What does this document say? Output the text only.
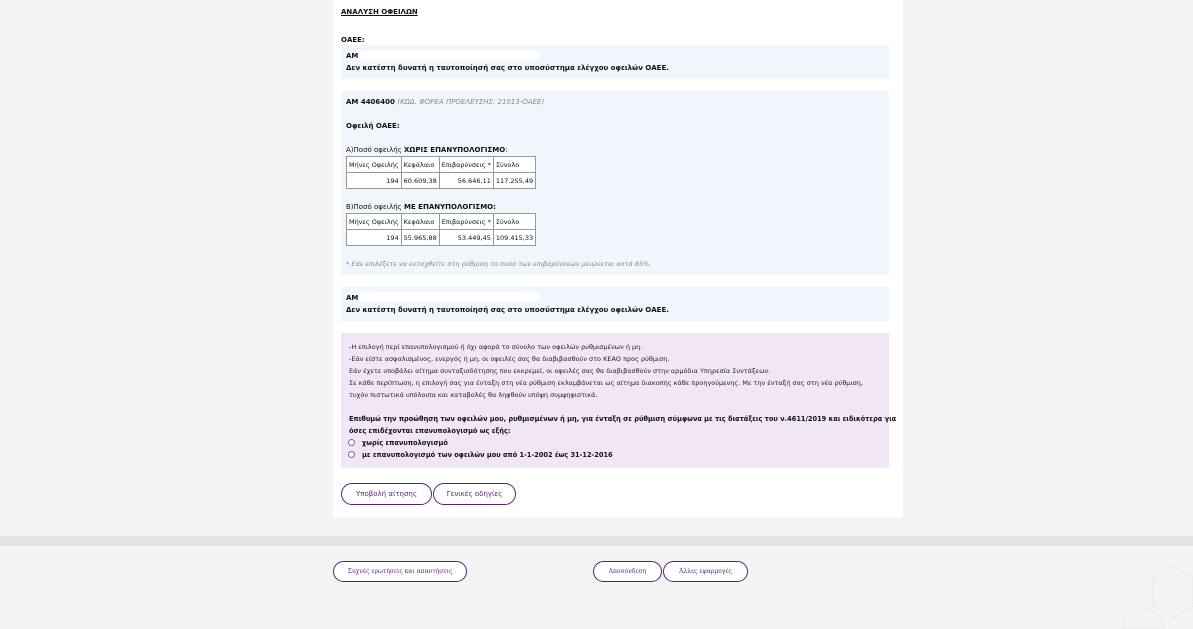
ΑΝΑΛΥΣΗ ΟΦΕΙΛΩΝ
ΟΑΕΕ:
ΑΜ
Δεν κατέστη δυνατή η ταυτοποίησή σας στο υποσύστημα ελέγχου οφειλών ΟΑΕΕ.
ΑΜ 4406400 (ΚΩΔ. ΦΟΡΕΑ ΠΡΟΕΛΕΥΣΗΣ: 21013-ΟΑΕΕ)
Οφειλή ΟΑΕΕ:
Α)Ποσό οφειλής ΧΩΡΙΣ ΕΠΑΝΥΠΟΛΟΓΙΣΜΟ:
Μήνες Οφειλής	Κεφάλαιο	Επιβαρύνσεις *	Σύνολο
194	60.609,38	56.646,11	117.255,49
Β)Ποσό οφειλής ΜΕ ΕΠΑΝΥΠΟΛΟΓΙΣΜΟ:
Μήνες Οφειλής	Κεφάλαιο	Επιβαρύνσεις *	Σύνολο
194	55.965,88	53.449,45	109.415,33
* Εάν επιλέξετε να ενταχθείτε στη ρύθμιση το ποσό των επιβαρύνσεων μειώνεται κατά 85%.
ΑΜ
Δεν κατέστη δυνατή η ταυτοποίησή σας στο υποσύστημα ελέγχου οφειλών ΟΑΕΕ.
-Η επιλογή περί επανυπολογισμού ή όχι αφορά το σύνολο των οφειλών ρυθμισμένων ή μη.
-Εάν είστε ασφαλισμένος, ενεργός ή μη, οι οφειλές σας θα διαβιβασθούν στο ΚΕΑΟ προς ρύθμιση.
Εάν έχετε υποβάλει αίτημα συνταξιοδότησης που εκκρεμεί, οι οφειλές σας θα διαβιβασθούν στην αρμόδια Υπηρεσία Συντάξεων.
Σε κάθε περίπτωση, η επιλογή σας για ένταξη στη νέα ρύθμιση εκλαμβάνεται ως αίτημα διακοπής κάθε προηγούμενης. Με την ένταξή σας στη νέα ρύθμιση,
τυχόν πιστωτικά υπόλοιπα και καταβολές θα ληφθούν υπόψη συμψηφιστικά.
Επιθυμώ την προώθηση των οφειλών μου, ρυθμισμένων ή μη, για ένταξη σε ρύθμιση σύμφωνα με τις διατάξεις του ν.4611/2019 και ειδικότερα για
όσες επιδέχονται επανυπολογισμό ως εξής:
χωρίς επανυπολογισμό
με επανυπολογισμό των οφειλών μου από 1-1-2002 έως 31-12-2016
Υποβολή αίτησης	Γενικές οδηγίες
Συχνές ερωτήσεις και απαντήσεις	Αποσύνδεση	Άλλες εφαρμογές
